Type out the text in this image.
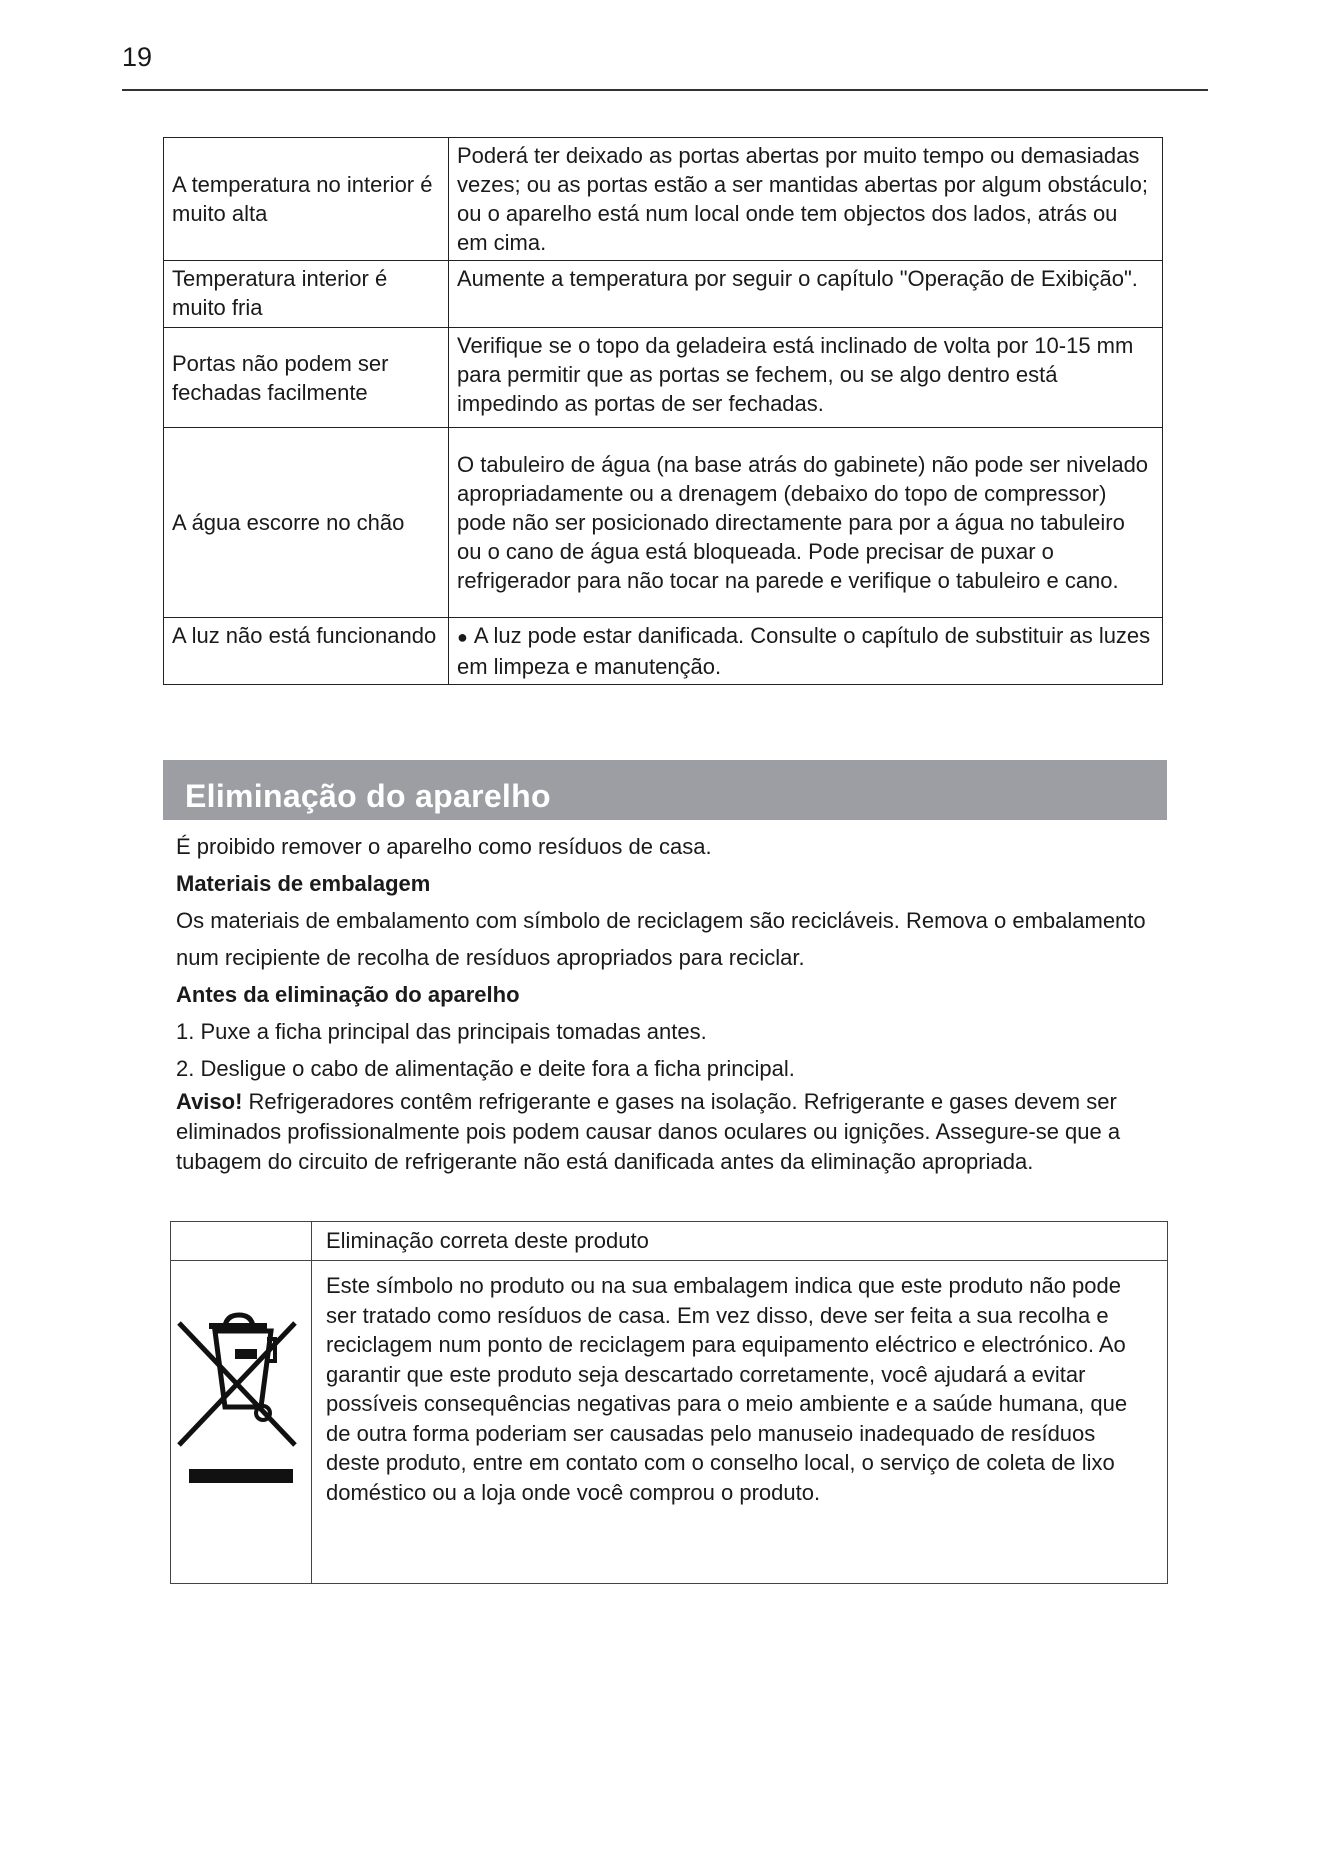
19
A temperatura no interior é muito alta	Poderá ter deixado as portas abertas por muito tempo ou demasiadas vezes; ou as portas estão a ser mantidas abertas por algum obstáculo; ou o aparelho está num local onde tem objectos dos lados, atrás ou em cima.
Temperatura interior é muito fria	Aumente a temperatura por seguir o capítulo "Operação de Exibição".
Portas não podem ser fechadas facilmente	Verifique se o topo da geladeira está inclinado de volta por 10-15 mm para permitir que as portas se fechem, ou se algo dentro está impedindo as portas de ser fechadas.
A água escorre no chão	O tabuleiro de água (na base atrás do gabinete) não pode ser nivelado apropriadamente ou a drenagem (debaixo do topo de compressor) pode não ser posicionado directamente para por a água no tabuleiro ou o cano de água está bloqueada. Pode precisar de puxar o refrigerador para não tocar na parede e verifique o tabuleiro e cano.
A luz não está funcionando	● A luz pode estar danificada. Consulte o capítulo de substituir as luzes em limpeza e manutenção.
Eliminação do aparelho

É proibido remover o aparelho como resíduos de casa.

Materiais de embalagem

Os materiais de embalamento com símbolo de reciclagem são recicláveis. Remova o embalamento num recipiente de recolha de resíduos apropriados para reciclar.

Antes da eliminação do aparelho

1. Puxe a ficha principal das principais tomadas antes.

2. Desligue o cabo de alimentação e deite fora a ficha principal.

Aviso! Refrigeradores contêm refrigerante e gases na isolação. Refrigerante e gases devem ser eliminados profissionalmente pois podem causar danos oculares ou ignições. Assegure-se que a tubagem do circuito de refrigerante não está danificada antes da eliminação apropriada.

	Eliminação correta deste produto

	Este símbolo no produto ou na sua embalagem indica que este produto não pode ser tratado como resíduos de casa. Em vez disso, deve ser feita a sua recolha e reciclagem num ponto de reciclagem para equipamento eléctrico e electrónico. Ao garantir que este produto seja descartado corretamente, você ajudará a evitar possíveis consequências negativas para o meio ambiente e a saúde humana, que de outra forma poderiam ser causadas pelo manuseio inadequado de resíduos deste produto, entre em contato com o conselho local, o serviço de coleta de lixo doméstico ou a loja onde você comprou o produto.
